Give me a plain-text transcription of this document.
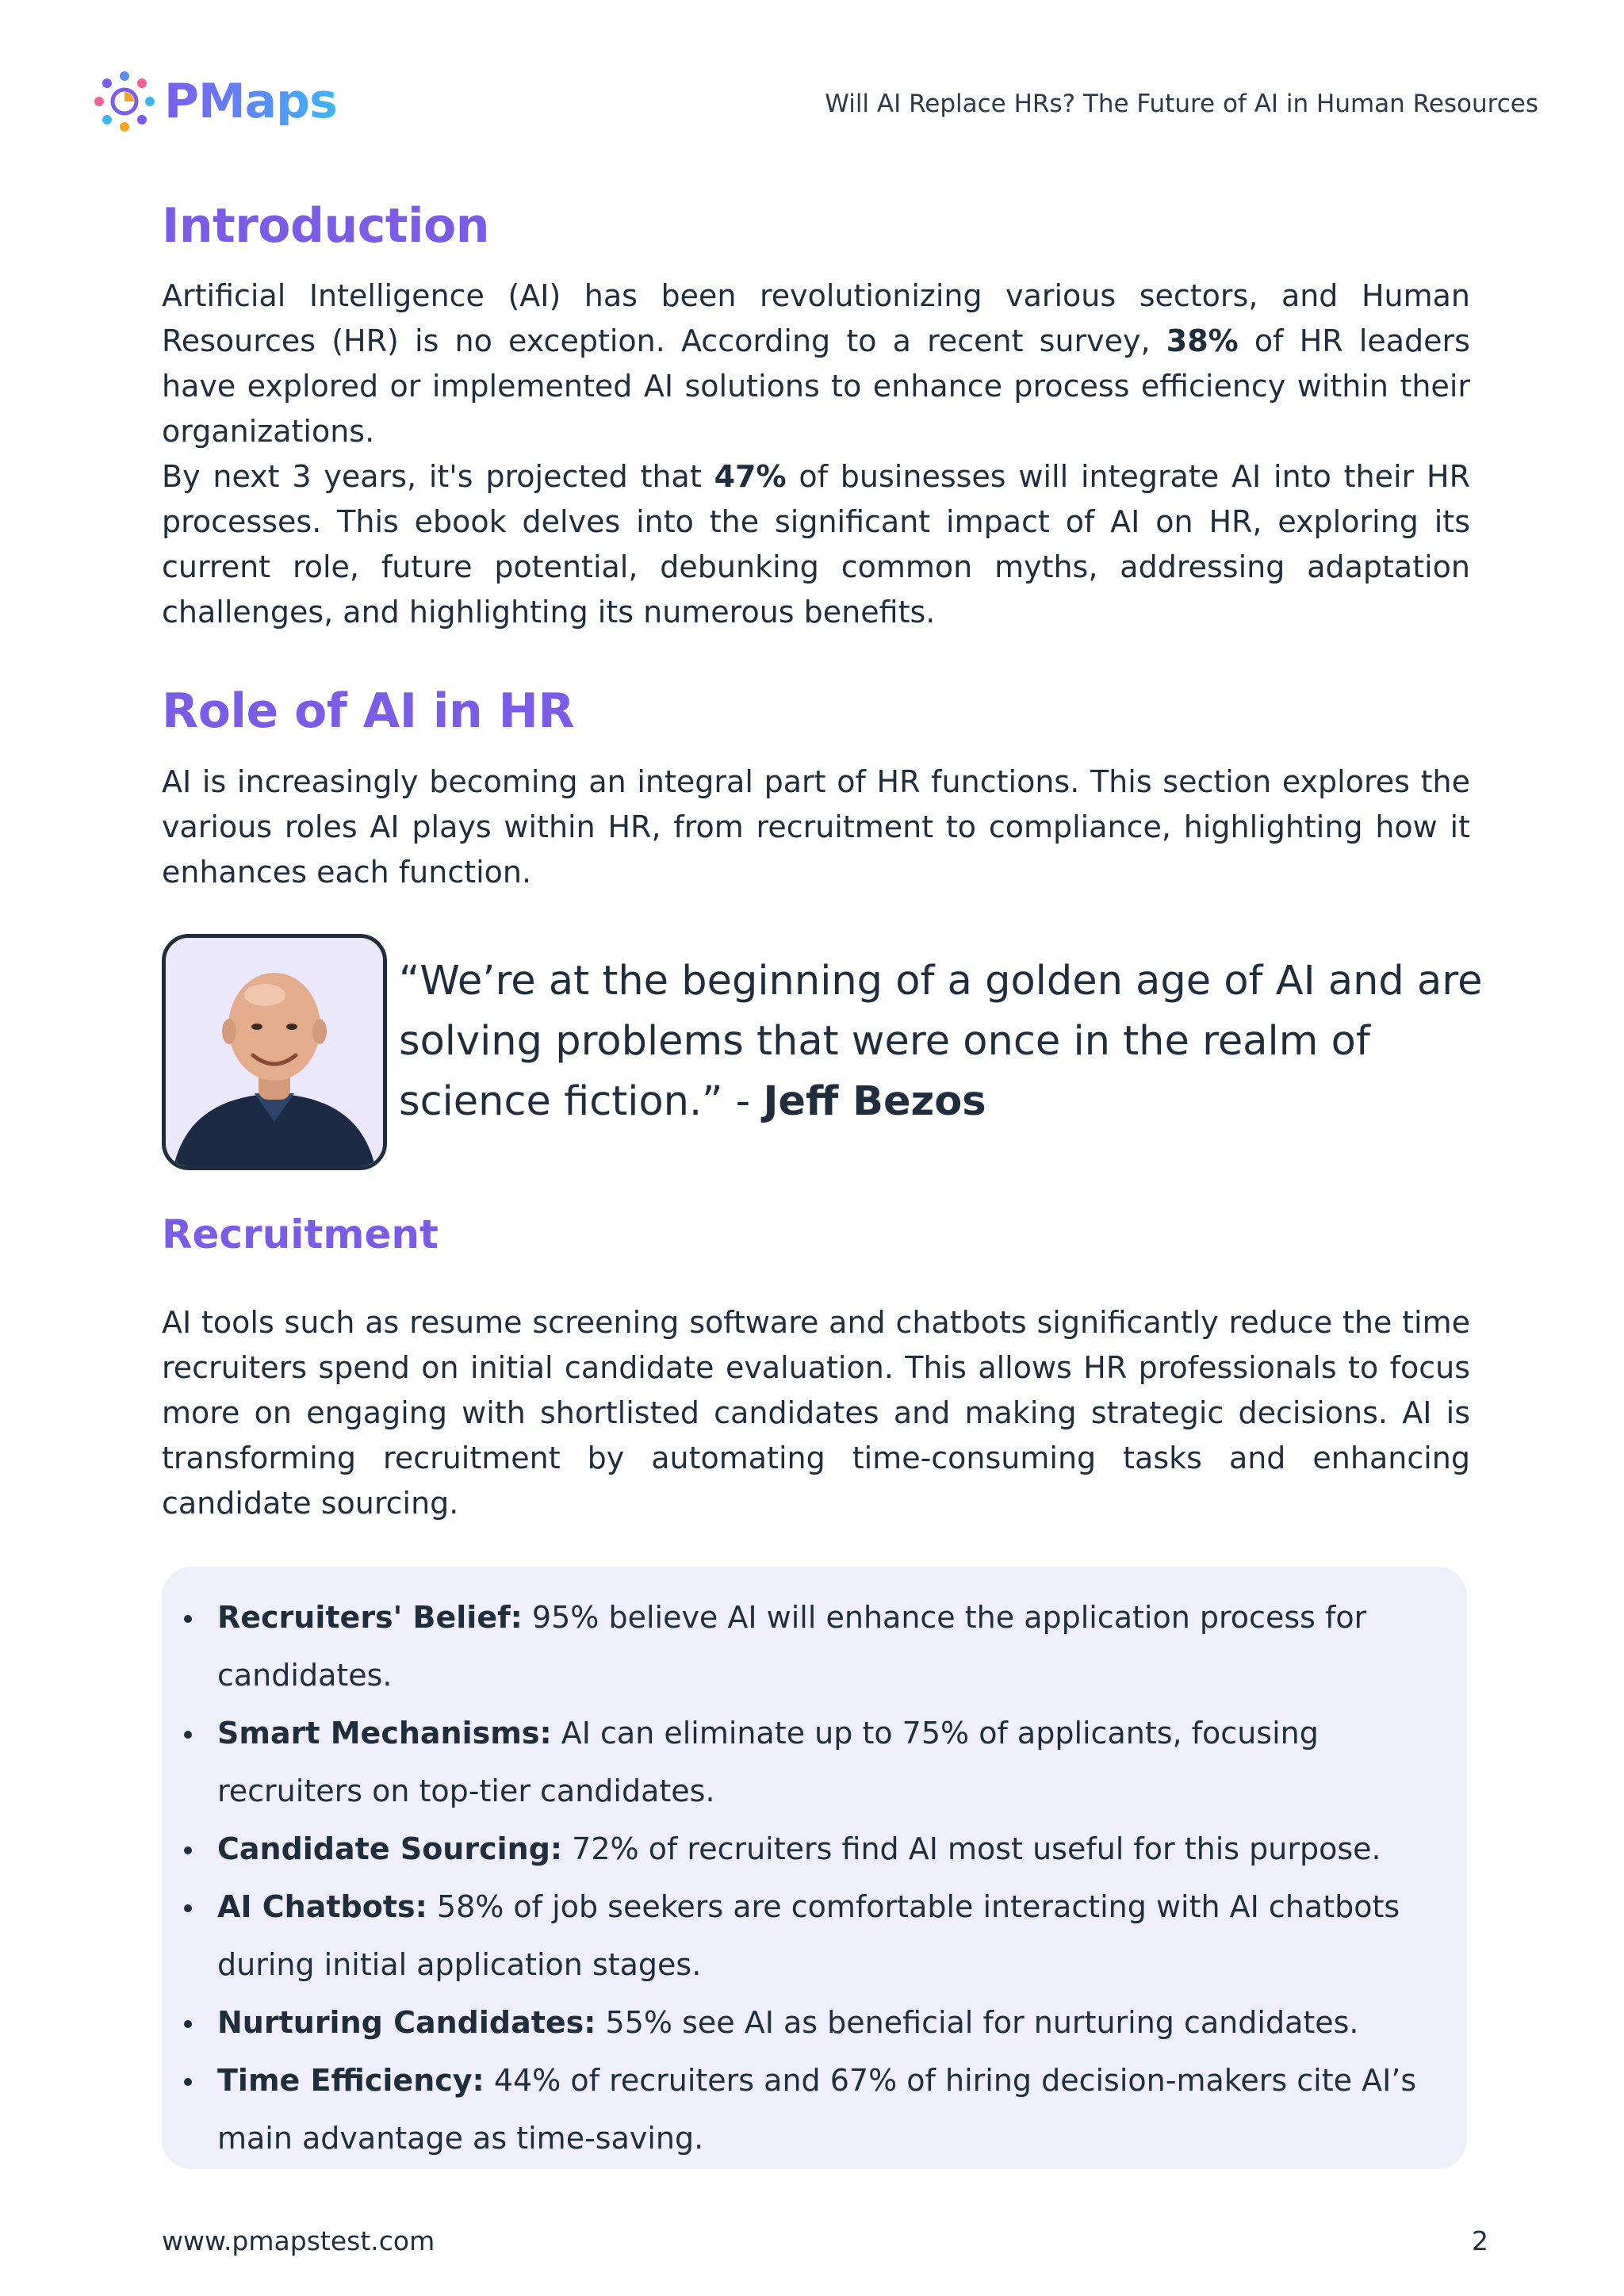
PMaps	Will AI Replace HRs? The Future of AI in Human Resources
Introduction

Artificial Intelligence (AI) has been revolutionizing various sectors, and Human Resources (HR) is no exception. According to a recent survey, 38% of HR leaders have explored or implemented AI solutions to enhance process efficiency within their organizations.

By next 3 years, it's projected that 47% of businesses will integrate AI into their HR processes. This ebook delves into the significant impact of AI on HR, exploring its current role, future potential, debunking common myths, addressing adaptation challenges, and highlighting its numerous benefits.

Role of AI in HR

AI is increasingly becoming an integral part of HR functions. This section explores the various roles AI plays within HR, from recruitment to compliance, highlighting how it enhances each function.

Recruitment

AI tools such as resume screening software and chatbots significantly reduce the time recruiters spend on initial candidate evaluation. This allows HR professionals to focus more on engaging with shortlisted candidates and making strategic decisions. AI is transforming recruitment by automating time-consuming tasks and enhancing candidate sourcing.

“We’re at the beginning of a golden age of AI and are solving problems that were once in the realm of science fiction.” - Jeff Bezos

Recruiters' Belief: 95% believe AI will enhance the application process for candidates.
Smart Mechanisms: AI can eliminate up to 75% of applicants, focusing recruiters on top-tier candidates.
Candidate Sourcing: 72% of recruiters find AI most useful for this purpose.
AI Chatbots: 58% of job seekers are comfortable interacting with AI chatbots during initial application stages.
Nurturing Candidates: 55% see AI as beneficial for nurturing candidates.
Time Efficiency: 44% of recruiters and 67% of hiring decision-makers cite AI’s main advantage as time-saving.
www.pmapstest.com	2
